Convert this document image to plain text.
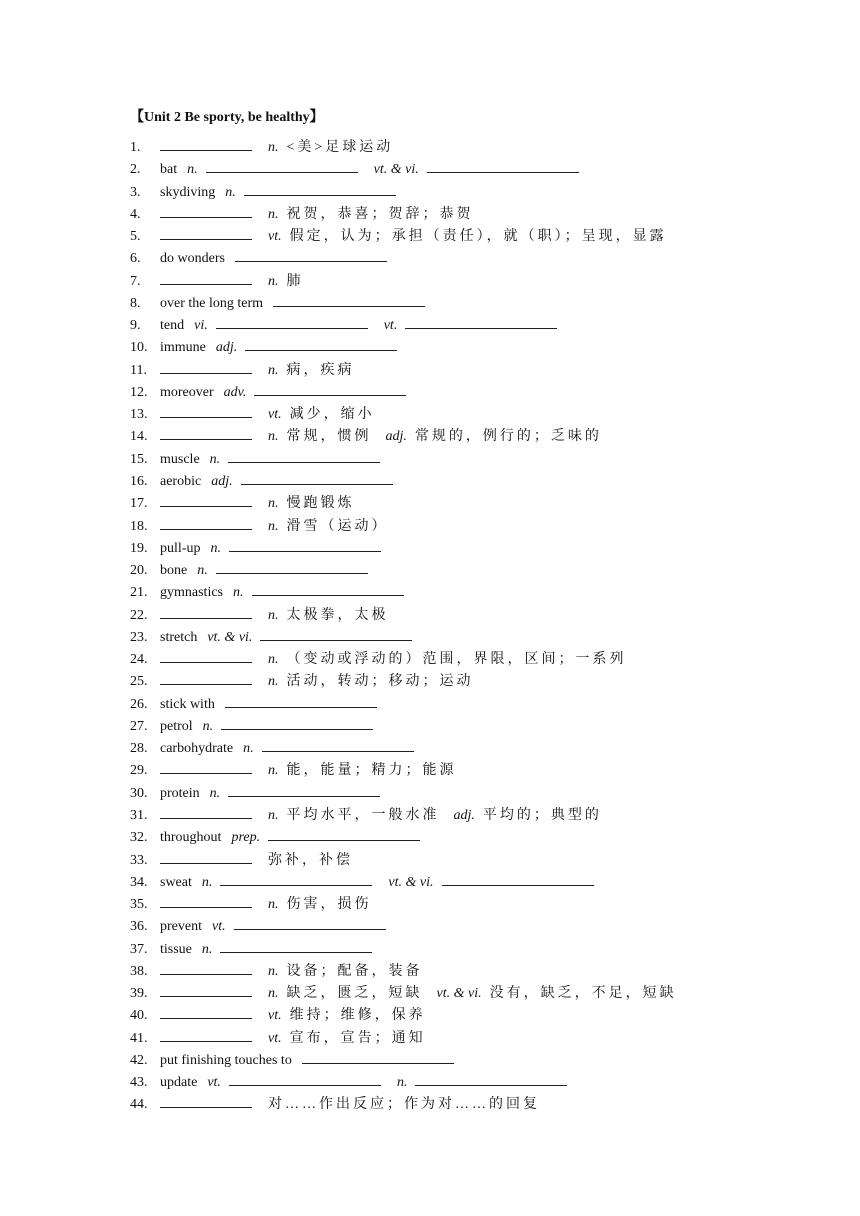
【Unit 2 Be sporty, be healthy】
1.	n. <美>足球运动
2.	bat n.	vt. & vi.
3.	skydiving n.
4.	n. 祝贺，恭喜；贺辞；恭贺
5.	vt. 假定，认为；承担（责任），就（职）；呈现，显露
6.	do wonders
7.	n. 肺
8.	over the long term
9.	tend vi.	vt.
10. immune adj.
11.	n. 病，疾病
12. moreover adv.
13.	vt. 减少，缩小
14.	n. 常规，惯例 adj. 常规的，例行的；乏味的
15. muscle n.
16. aerobic adj.
17.	n. 慢跑锻炼
18.	n. 滑雪（运动）
19. pull-up n.
20. bone n.
21. gymnastics n.
22.	n. 太极拳，太极
23. stretch vt. & vi.
24.	n. （变动或浮动的）范围，界限，区间；一系列
25.	n. 活动，转动；移动；运动
26. stick with
27. petrol n.
28. carbohydrate n.
29.	n. 能，能量；精力；能源
30. protein n.
31.	n. 平均水平，一般水准 adj. 平均的；典型的
32. throughout prep.
33.	弥补，补偿
34. sweat n.	vt. & vi.
35.	n. 伤害，损伤
36. prevent vt.
37. tissue n.
38.	n. 设备；配备，装备
39.	n. 缺乏，匮乏，短缺 vt. & vi. 没有，缺乏，不足，短缺
40.	vt. 维持；维修，保养
41.	vt. 宣布，宣告；通知
42. put finishing touches to
43. update vt.	n.
44.	对……作出反应；作为对……的回复
